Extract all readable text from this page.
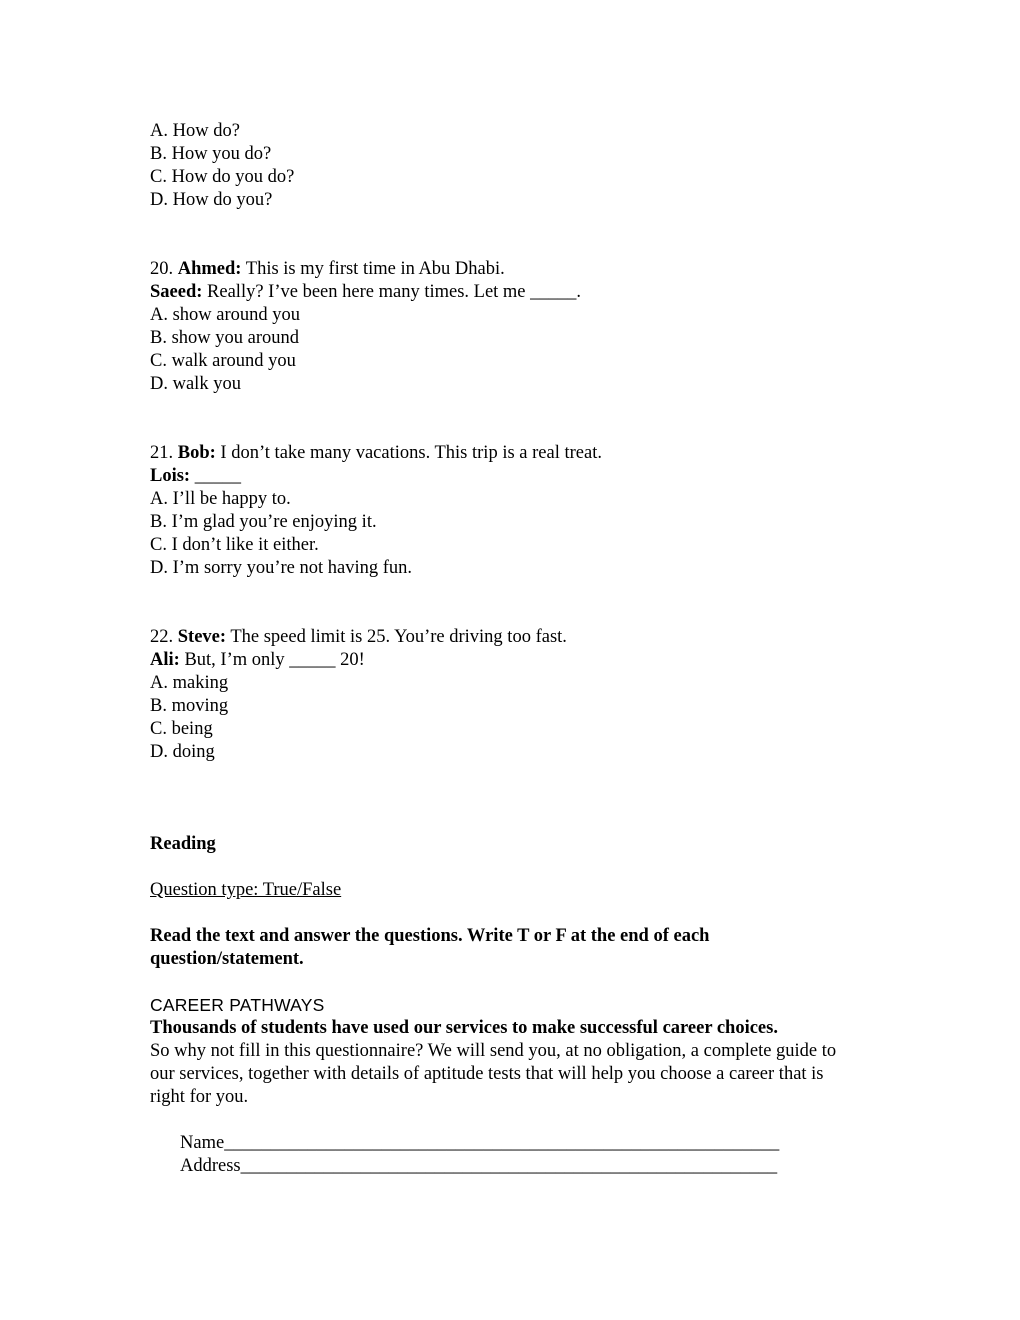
A. How do?
B. How you do?
C. How do you do?
D. How do you?
20. Ahmed: This is my first time in Abu Dhabi.
Saeed: Really? I’ve been here many times. Let me _____.
A. show around you
B. show you around
C. walk around you
D. walk you
21. Bob: I don’t take many vacations. This trip is a real treat.
Lois: _____
A. I’ll be happy to.
B. I’m glad you’re enjoying it.
C. I don’t like it either.
D. I’m sorry you’re not having fun.
22. Steve: The speed limit is 25. You’re driving too fast.
Ali: But, I’m only _____ 20!
A. making
B. moving
C. being
D. doing
Reading
Question type: True/False
Read the text and answer the questions. Write T or F at the end of each question/statement.
CAREER PATHWAYS
Thousands of students have used our services to make successful career choices.
So why not fill in this questionnaire? We will send you, at no obligation, a complete guide to our services, together with details of aptitude tests that will help you choose a career that is right for you.
Name____________________________________________________________
Address__________________________________________________________
